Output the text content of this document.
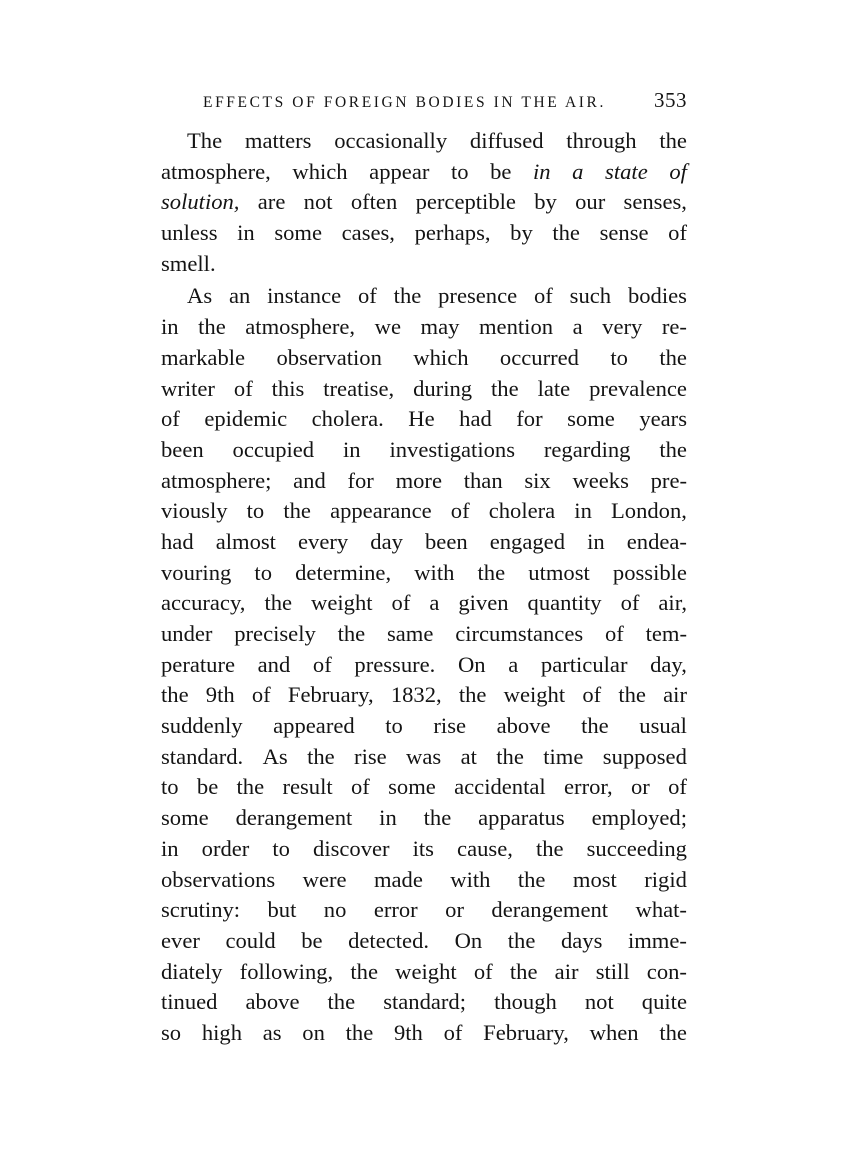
EFFECTS OF FOREIGN BODIES IN THE AIR. 353
The matters occasionally diffused through the
atmosphere, which appear to be in a state of
solution, are not often perceptible by our senses,
unless in some cases, perhaps, by the sense of
smell.

As an instance of the presence of such bodies
in the atmosphere, we may mention a very re-
markable observation which occurred to the
writer of this treatise, during the late prevalence
of epidemic cholera. He had for some years
been occupied in investigations regarding the
atmosphere; and for more than six weeks pre-
viously to the appearance of cholera in London,
had almost every day been engaged in endea-
vouring to determine, with the utmost possible
accuracy, the weight of a given quantity of air,
under precisely the same circumstances of tem-
perature and of pressure. On a particular day,
the 9th of February, 1832, the weight of the air
suddenly appeared to rise above the usual
standard. As the rise was at the time supposed
to be the result of some accidental error, or of
some derangement in the apparatus employed;
in order to discover its cause, the succeeding
observations were made with the most rigid
scrutiny: but no error or derangement what-
ever could be detected. On the days imme-
diately following, the weight of the air still con-
tinued above the standard; though not quite
so high as on the 9th of February, when the
